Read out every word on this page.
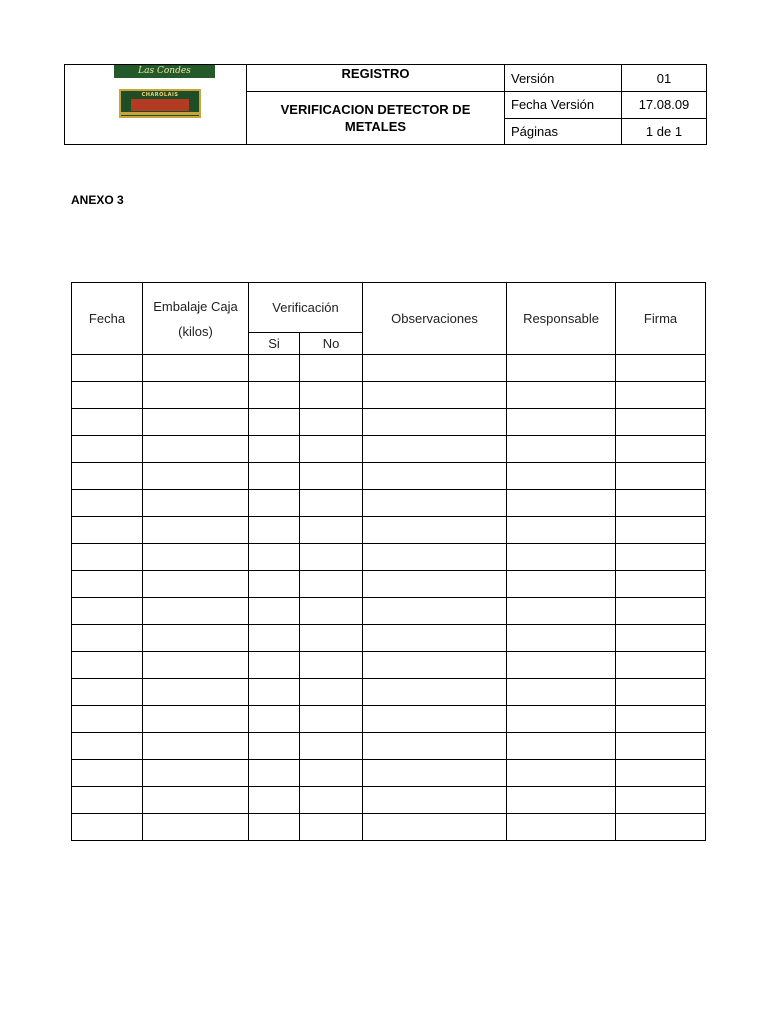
Las Condes
CHAROLAIS	REGISTRO	Versión	01

	VERIFICACION DETECTOR DE METALES	Fecha Versión	17.08.09
		Páginas	1 de 1
ANEXO 3
Fecha	Embalaje Caja (kilos)	Verificación		Observaciones	Responsable	Firma
		Si	No			
